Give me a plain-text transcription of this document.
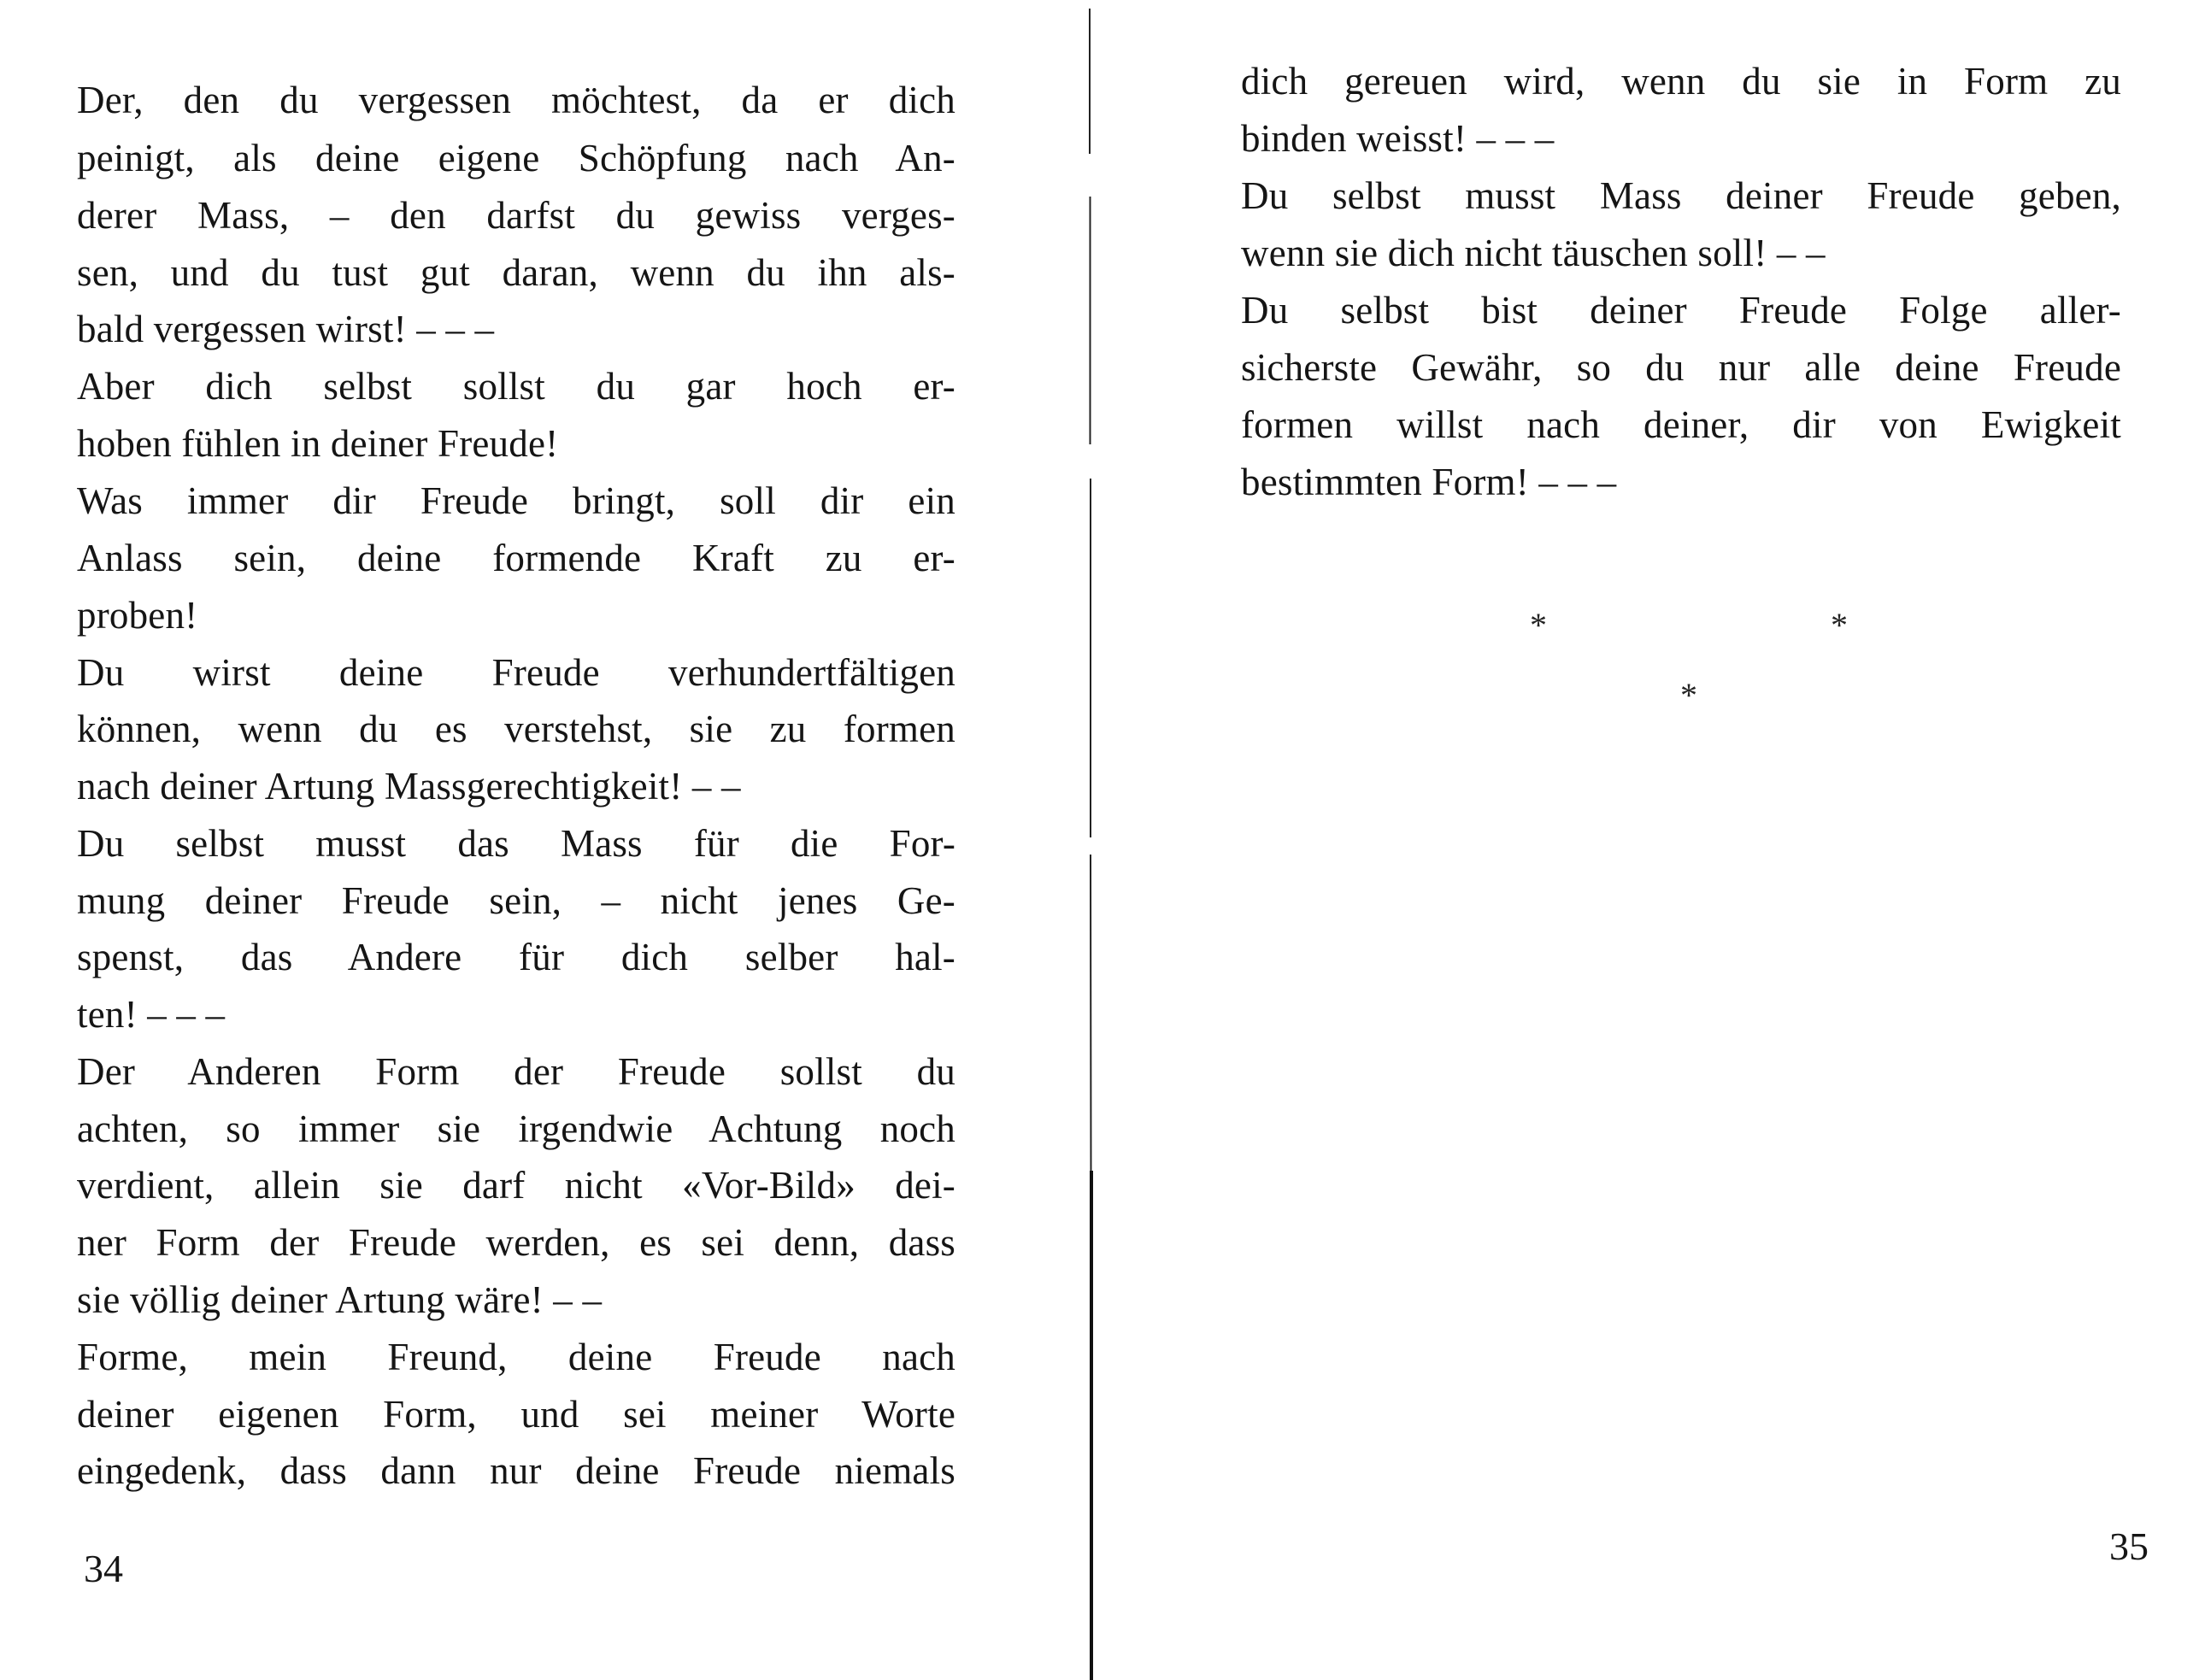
Der, den du vergessen möchtest, da er dich
peinigt, als deine eigene Schöpfung nach An-
derer Mass, – den darfst du gewiss verges-
sen, und du tust gut daran, wenn du ihn als-
bald vergessen wirst! – – –
Aber dich selbst sollst du gar hoch er-
hoben fühlen in deiner Freude!
Was immer dir Freude bringt, soll dir ein
Anlass sein, deine formende Kraft zu er-
proben!
Du wirst deine Freude verhundertfältigen
können, wenn du es verstehst, sie zu formen
nach deiner Artung Massgerechtigkeit! – –
Du selbst musst das Mass für die For-
mung deiner Freude sein, – nicht jenes Ge-
spenst, das Andere für dich selber hal-
ten! – – –
Der Anderen Form der Freude sollst du
achten, so immer sie irgendwie Achtung noch
verdient, allein sie darf nicht «Vor-Bild» dei-
ner Form der Freude werden, es sei denn, dass
sie völlig deiner Artung wäre! – –
Forme, mein Freund, deine Freude nach
deiner eigenen Form, und sei meiner Worte
eingedenk, dass dann nur deine Freude niemals
34
dich gereuen wird, wenn du sie in Form zu
binden weisst! – – –
Du selbst musst Mass deiner Freude geben,
wenn sie dich nicht täuschen soll! – –
Du selbst bist deiner Freude Folge aller-
sicherste Gewähr, so du nur alle deine Freude
formen willst nach deiner, dir von Ewigkeit
bestimmten Form! – – –
*	*
*
35
